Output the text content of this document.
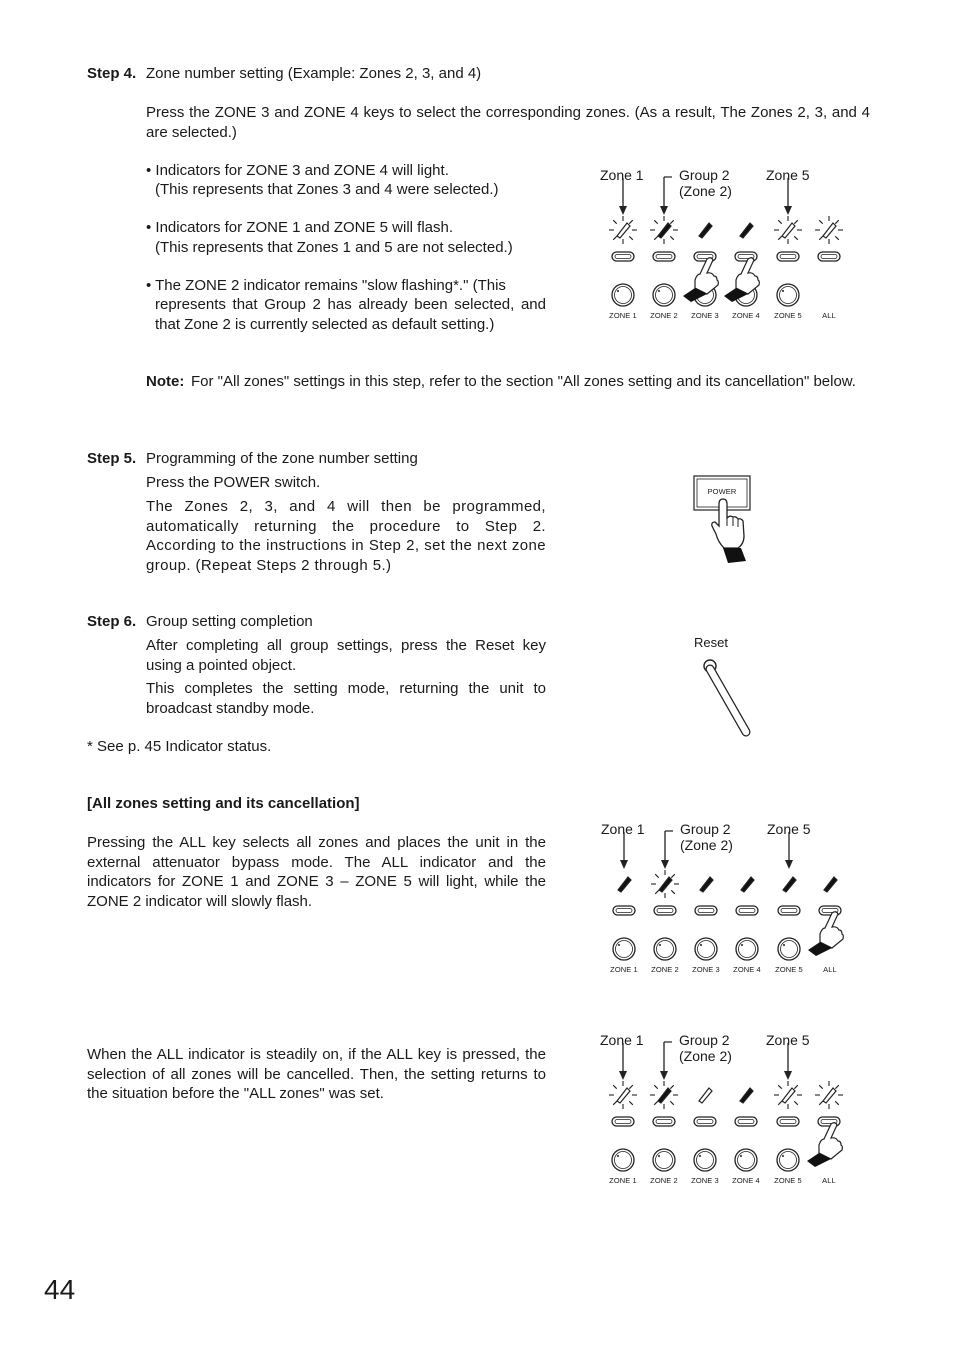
Step 4. Zone number setting (Example: Zones 2, 3, and 4)
Press the ZONE 3 and ZONE 4 keys to select the corresponding zones. (As a result, The Zones 2, 3, and 4 are selected.)
• Indicators for ZONE 3 and ZONE 4 will light.
(This represents that Zones 3 and 4 were selected.)
• Indicators for ZONE 1 and ZONE 5 will flash.
(This represents that Zones 1 and 5 are not selected.)
• The ZONE 2 indicator remains "slow flashing*." (This
represents that Group 2 has already been selected, and that Zone 2 is currently selected as default setting.)
Note: For "All zones" settings in this step, refer to the section "All zones setting and its cancellation" below.
Step 5. Programming of the zone number setting
Press the POWER switch.
The Zones 2, 3, and 4 will then be programmed, automatically returning the procedure to Step 2. According to the instructions in Step 2, set the next zone group. (Repeat Steps 2 through 5.)
POWER
Step 6. Group setting completion
After completing all group settings, press the Reset key using a pointed object.
This completes the setting mode, returning the unit to broadcast standby mode.
Reset
* See p. 45 Indicator status.
[All zones setting and its cancellation]
Pressing the ALL key selects all zones and places the unit in the external attenuator bypass mode. The ALL indicator and the indicators for ZONE 1 and ZONE 3 – ZONE 5 will light, while the ZONE 2 indicator will slowly flash.
When the ALL indicator is steadily on, if the ALL key is pressed, the selection of all zones will be cancelled. Then, the setting returns to the situation before the "ALL zones" was set.
Zone 1	Group 2
(Zone 2)
Zone 5
ZONE 1	ZONE 2	ZONE 3	ZONE 4	ZONE 5	ALL
Zone 1	Group 2
(Zone 2)
Zone 5
ZONE 1	ZONE 2	ZONE 3	ZONE 4	ZONE 5	ALL
Zone 1	Group 2
(Zone 2)
Zone 5
ZONE 1	ZONE 2	ZONE 3	ZONE 4	ZONE 5	ALL
44
